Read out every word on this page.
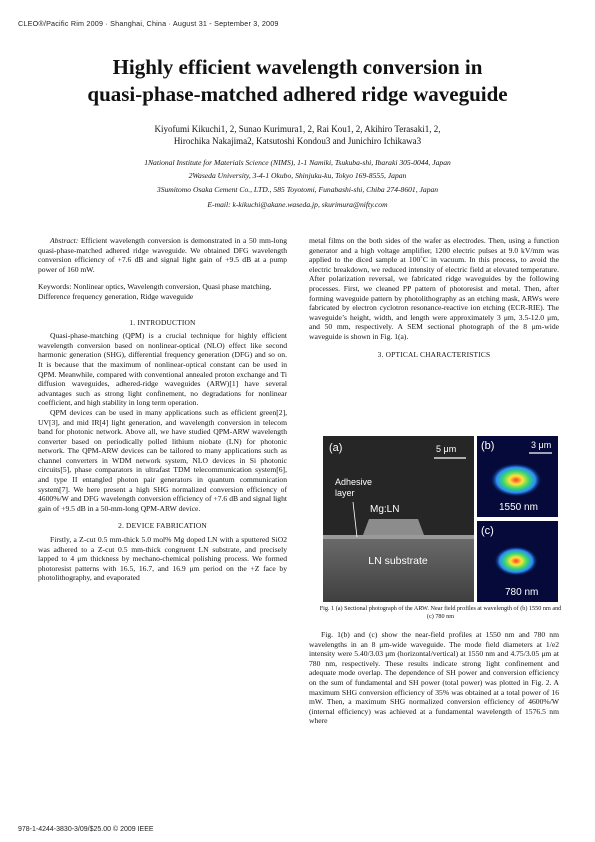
CLEO®/Pacific Rim 2009 · Shanghai, China · August 31 - September 3, 2009
Highly efficient wavelength conversion in
quasi-phase-matched adhered ridge waveguide
Kiyofumi Kikuchi1, 2, Sunao Kurimura1, 2, Rai Kou1, 2, Akihiro Terasaki1, 2,
Hirochika Nakajima2, Katsutoshi Kondou3 and Junichiro Ichikawa3
1National Institute for Materials Science (NIMS), 1-1 Namiki, Tsukuba-shi, Ibaraki 305-0044, Japan
2Waseda University, 3-4-1 Okubo, Shinjuku-ku, Tokyo 169-8555, Japan
3Sumitomo Osaka Cement Co., LTD., 585 Toyotomi, Funabashi-shi, Chiba 274-8601, Japan
E-mail: k-kikuchi@akane.waseda.jp, skurimura@nifty.com

Abstract: Efficient wavelength conversion is demonstrated in a 50 mm-long quasi-phase-matched adhered ridge waveguide. We obtained DFG wavelength conversion efficiency of +7.6 dB and signal light gain of +9.5 dB at a pump power of 160 mW.

Keywords: Nonlinear optics, Wavelength conversion, Quasi phase matching, Difference frequency generation, Ridge waveguide

1. INTRODUCTION

Quasi-phase-matching (QPM) is a crucial technique for highly efficient wavelength conversion based on nonlinear-optical (NLO) effect like second harmonic generation (SHG), differential frequency generation (DFG) and so on. It is because that the maximum of nonlinear-optical constant can be used in QPM. Meanwhile, compared with conventional annealed proton exchange and Ti diffusion waveguides, adhered-ridge waveguides (ARW)[1] have several advantages such as strong light confinement, no degradations for nonlinear coefficient, and high stability in long term operation.

QPM devices can be used in many applications such as efficient green[2], UV[3], and mid IR[4] light generation, and wavelength conversion in telecom band for photonic network. Above all, we have studied QPM-ARW wavelength converter based on periodically polled lithium niobate (LN) for photonic network. The QPM-ARW devices can be tailored to many applications such as channel converters in WDM network system, NLO devices in Si photonic circuits[5], phase comparators in ultrafast TDM telecommunication system[6], and type II entangled photon pair generators in quantum communication system[7]. We here present a high SHG normalized conversion efficiency of 4600%/W and DFG wavelength conversion efficiency of +7.6 dB and signal light gain of +9.5 dB in a 50-mm-long QPM-ARW device.

2. DEVICE FABRICATION

Firstly, a Z-cut 0.5 mm-thick 5.0 mol% Mg doped LN with a sputtered SiO2 was adhered to a Z-cut 0.5 mm-thick congruent LN substrate, and precisely lapped to 4 μm thickness by mechano-chemical polishing process. We formed photoresist patterns with 16.5, 16.7, and 16.9 μm period on the +Z face by photolithography, and evaporated

metal films on the both sides of the wafer as electrodes. Then, using a function generator and a high voltage amplifier, 1200 electric pulses at 9.0 kV/mm was applied to the diced sample at 100˚C in vacuum. In this process, to avoid the electric breakdown, we reduced intensity of electric field at elevated temperature. After polarization reversal, we fabricated ridge waveguides by the following processes. First, we cleaned PP pattern of photoresist and metal. Then, after forming waveguide pattern by photolithography as an etching mask, ARWs were fabricated by electron cyclotron resonance-reactive ion etching (ECR-RIE). The waveguide’s height, width, and length were approximately 3 μm, 3.5-12.0 μm, and 50 mm, respectively. A SEM sectional photograph of the 8 μm-wide waveguide is shown in Fig. 1(a).

3. OPTICAL CHARACTERISTICS
(a)	5 μm
Adhesive layer
Mg:LN
LN substrate
(b)	3 μm
1550 nm
(c)
780 nm
Fig. 1 (a) Sectional photograph of the ARW. Near field profiles at wavelength of (b) 1550 nm and (c) 780 nm

Fig. 1(b) and (c) show the near-field profiles at 1550 nm and 780 nm wavelengths in an 8 μm-wide waveguide. The mode field diameters at 1/e2 intensity were 5.40/3.03 μm (horizontal/vertical) at 1550 nm and 4.75/3.05 μm at 780 nm, respectively. These results indicate strong light confinement and adequate mode overlap. The dependence of SH power and conversion efficiency on the sum of fundamental and SH power (total power) was plotted in Fig. 2. A maximum SHG conversion efficiency of 35% was obtained at a total power of 16 mW. Then, a maximum SHG normalized conversion efficiency of 4600%/W (internal efficiency) was achieved at a fundamental wavelength of 1576.5 nm where

978-1-4244-3830-3/09/$25.00 © 2009 IEEE
